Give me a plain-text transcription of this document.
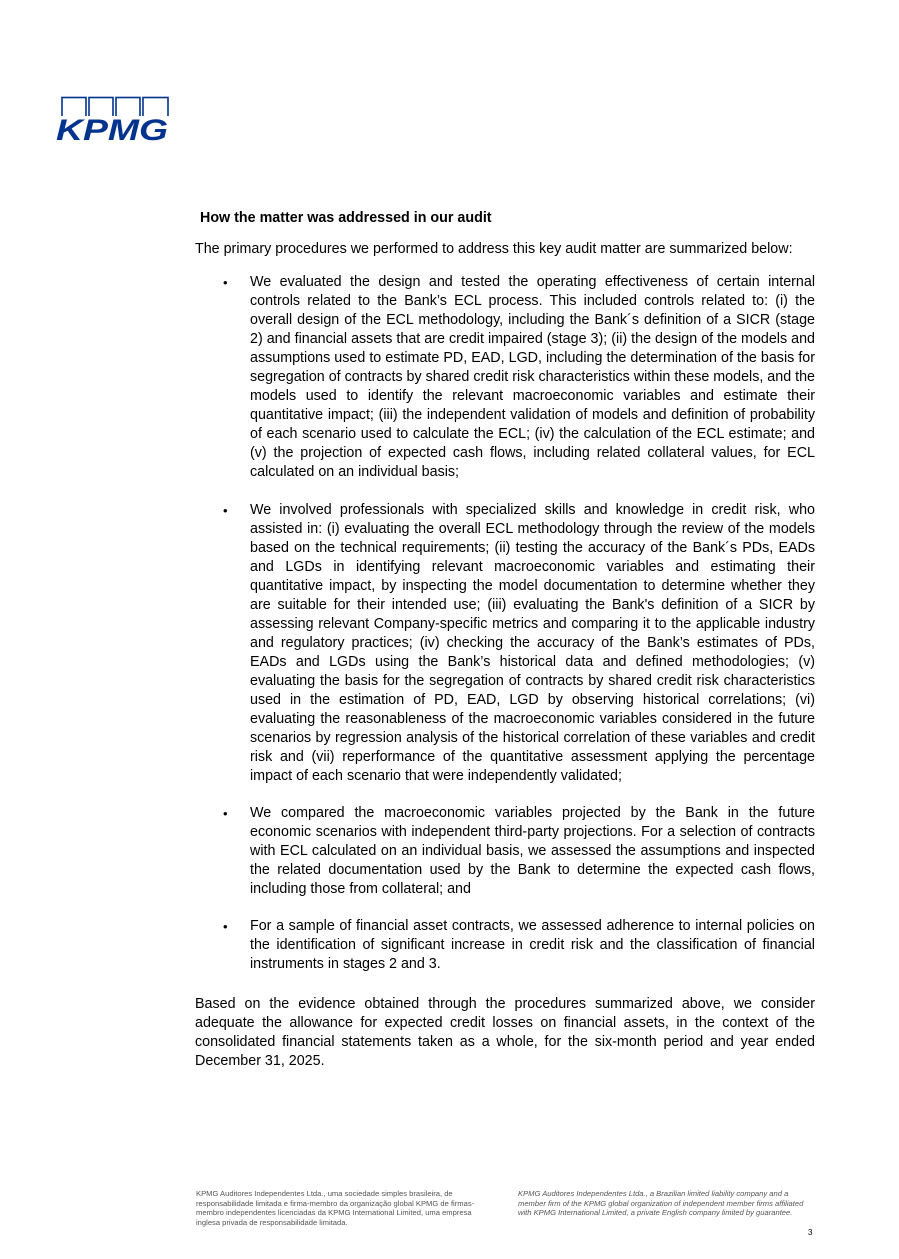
KPMG
How the matter was addressed in our audit
The primary procedures we performed to address this key audit matter are summarized below:
• We evaluated the design and tested the operating effectiveness of certain internal controls related to the Bank’s ECL process. This included controls related to: (i) the overall design of the ECL methodology, including the Bank´s definition of a SICR (stage 2) and financial assets that are credit impaired (stage 3); (ii) the design of the models and assumptions used to estimate PD, EAD, LGD, including the determination of the basis for segregation of contracts by shared credit risk characteristics within these models, and the models used to identify the relevant macroeconomic variables and estimate their quantitative impact; (iii) the independent validation of models and definition of probability of each scenario used to calculate the ECL; (iv) the calculation of the ECL estimate; and (v) the projection of expected cash flows, including related collateral values, for ECL calculated on an individual basis;
• We involved professionals with specialized skills and knowledge in credit risk, who assisted in: (i) evaluating the overall ECL methodology through the review of the models based on the technical requirements; (ii) testing the accuracy of the Bank´s PDs, EADs and LGDs in identifying relevant macroeconomic variables and estimating their quantitative impact, by inspecting the model documentation to determine whether they are suitable for their intended use; (iii) evaluating the Bank's definition of a SICR by assessing relevant Company-specific metrics and comparing it to the applicable industry and regulatory practices; (iv) checking the accuracy of the Bank’s estimates of PDs, EADs and LGDs using the Bank’s historical data and defined methodologies; (v) evaluating the basis for the segregation of contracts by shared credit risk characteristics used in the estimation of PD, EAD, LGD by observing historical correlations; (vi) evaluating the reasonableness of the macroeconomic variables considered in the future scenarios by regression analysis of the historical correlation of these variables and credit risk and (vii) reperformance of the quantitative assessment applying the percentage impact of each scenario that were independently validated;
• We compared the macroeconomic variables projected by the Bank in the future economic scenarios with independent third-party projections. For a selection of contracts with ECL calculated on an individual basis, we assessed the assumptions and inspected the related documentation used by the Bank to determine the expected cash flows, including those from collateral; and
• For a sample of financial asset contracts, we assessed adherence to internal policies on the identification of significant increase in credit risk and the classification of financial instruments in stages 2 and 3.
Based on the evidence obtained through the procedures summarized above, we consider adequate the allowance for expected credit losses on financial assets, in the context of the consolidated financial statements taken as a whole, for the six-month period and year ended December 31, 2025.
KPMG Auditores Independentes Ltda., uma sociedade simples brasileira, de responsabilidade limitada e firma-membro da organização global KPMG de firmas-membro independentes licenciadas da KPMG International Limited, uma empresa inglesa privada de responsabilidade limitada.
KPMG Auditores Independentes Ltda., a Brazilian limited liability company and a member firm of the KPMG global organization of independent member firms affiliated with KPMG International Limited, a private English company limited by guarantee.
3
